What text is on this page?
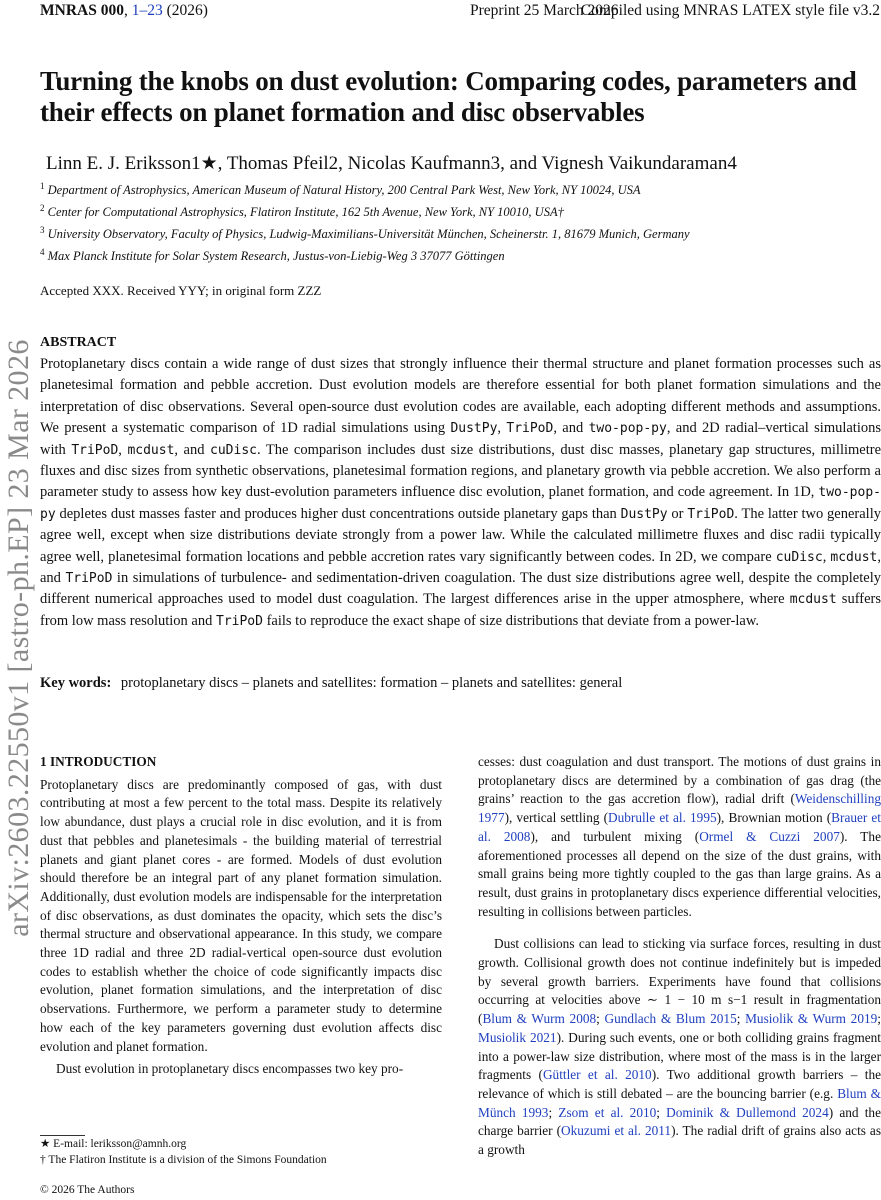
MNRAS 000, 1–23 (2026)	Preprint 25 March 2026
Compiled using MNRAS LATEX style file v3.2
Turning the knobs on dust evolution: Comparing codes, parameters and their effects on planet formation and disc observables
Linn E. J. Eriksson1★, Thomas Pfeil2, Nicolas Kaufmann3, and Vignesh Vaikundaraman4
$^1$ Department of Astrophysics, American Museum of Natural History, 200 Central Park West, New York, NY 10024, USA
$^2$ Center for Computational Astrophysics, Flatiron Institute, 162 5th Avenue, New York, NY 10010, USA†
$^3$ University Observatory, Faculty of Physics, Ludwig-Maximilians-Universität München, Scheinerstr. 1, 81679 Munich, Germany
$^4$ Max Planck Institute for Solar System Research, Justus-von-Liebig-Weg 3 37077 Göttingen
arXiv:2603.22550v1 [astro-ph.EP] 23 Mar 2026
Accepted XXX. Received YYY; in original form ZZZ
ABSTRACT
Protoplanetary discs contain a wide range of dust sizes that strongly influence their thermal structure and planet formation processes such as planetesimal formation and pebble accretion. Dust evolution models are therefore essential for both planet formation simulations and the interpretation of disc observations. Several open-source dust evolution codes are available, each adopting different methods and assumptions. We present a systematic comparison of 1D radial simulations using DustPy, TriPoD, and two-pop-py, and 2D radial–vertical simulations with TriPoD, mcdust, and cuDisc. The comparison includes dust size distributions, dust disc masses, planetary gap structures, millimetre fluxes and disc sizes from synthetic observations, planetesimal formation regions, and planetary growth via pebble accretion. We also perform a parameter study to assess how key dust-evolution parameters influence disc evolution, planet formation, and code agreement. In 1D, two-pop-py depletes dust masses faster and produces higher dust concentrations outside planetary gaps than DustPy or TriPoD. The latter two generally agree well, except when size distributions deviate strongly from a power law. While the calculated millimetre fluxes and disc radii typically agree well, planetesimal formation locations and pebble accretion rates vary significantly between codes. In 2D, we compare cuDisc, mcdust, and TriPoD in simulations of turbulence- and sedimentation-driven coagulation. The dust size distributions agree well, despite the completely different numerical approaches used to model dust coagulation. The largest differences arise in the upper atmosphere, where mcdust suffers from low mass resolution and TriPoD fails to reproduce the exact shape of size distributions that deviate from a power-law.
Key words: protoplanetary discs – planets and satellites: formation – planets and satellites: general
1 INTRODUCTION

Protoplanetary discs are predominantly composed of gas, with dust contributing at most a few percent to the total mass. Despite its relatively low abundance, dust plays a crucial role in disc evolution, and it is from dust that pebbles and planetesimals - the building material of terrestrial planets and giant planet cores - are formed. Models of dust evolution should therefore be an integral part of any planet formation simulation. Additionally, dust evolution models are indispensable for the interpretation of disc observations, as dust dominates the opacity, which sets the disc’s thermal structure and observational appearance. In this study, we compare three 1D radial and three 2D radial-vertical open-source dust evolution codes to establish whether the choice of code significantly impacts disc evolution, planet formation simulations, and the interpretation of disc observations. Furthermore, we perform a parameter study to determine how each of the key parameters governing dust evolution affects disc evolution and planet formation.

Dust evolution in protoplanetary discs encompasses two key pro-

cesses: dust coagulation and dust transport. The motions of dust grains in protoplanetary discs are determined by a combination of gas drag (the grains’ reaction to the gas accretion flow), radial drift (Weidenschilling 1977), vertical settling (Dubrulle et al. 1995), Brownian motion (Brauer et al. 2008), and turbulent mixing (Ormel & Cuzzi 2007). The aforementioned processes all depend on the size of the dust grains, with small grains being more tightly coupled to the gas than large grains. As a result, dust grains in protoplanetary discs experience differential velocities, resulting in collisions between particles.

Dust collisions can lead to sticking via surface forces, resulting in dust growth. Collisional growth does not continue indefinitely but is impeded by several growth barriers. Experiments have found that collisions occurring at velocities above ∼ 1 − 10 m s−1 result in fragmentation (Blum & Wurm 2008; Gundlach & Blum 2015; Musiolik & Wurm 2019; Musiolik 2021). During such events, one or both colliding grains fragment into a power-law size distribution, where most of the mass is in the larger fragments (Güttler et al. 2010). Two additional growth barriers – the relevance of which is still debated – are the bouncing barrier (e.g. Blum & Münch 1993; Zsom et al. 2010; Dominik & Dullemond 2024) and the charge barrier (Okuzumi et al. 2011). The radial drift of grains also acts as a growth

★ E-mail: leriksson@amnh.org
† The Flatiron Institute is a division of the Simons Foundation
© 2026 The Authors
